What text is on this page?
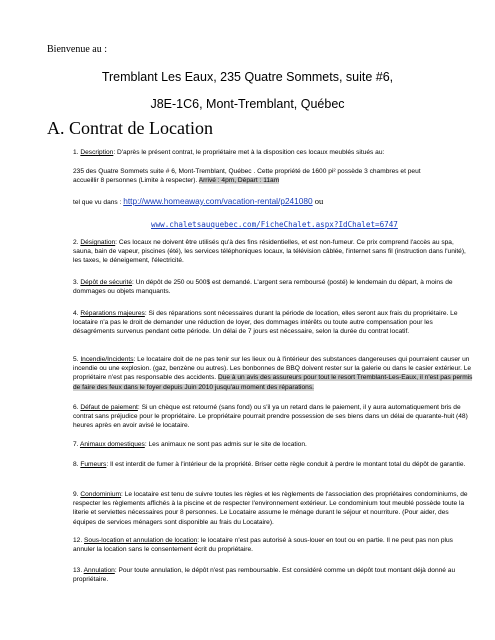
Bienvenue au :
Tremblant Les Eaux, 235 Quatre Sommets, suite #6,
J8E-1C6, Mont-Tremblant, Québec
A. Contrat de Location
1. Description: D'après le présent contrat, le propriétaire met à la disposition ces locaux meublés situés au:
235 des Quatre Sommets suite # 6, Mont-Tremblant, Québec . Cette propriété de 1600 pi² possède 3 chambres et peut
accueillir 8 personnes (Limite à respecter). Arrivé : 4pm, Départ : 11am
tel que vu dans : http://www.homeaway.com/vacation-rental/p241080 ou
www.chaletsauquebec.com/FicheChalet.aspx?IdChalet=6747
2. Désignation: Ces locaux ne doivent être utilisés qu'à des fins résidentielles, et est non-fumeur. Ce prix comprend l'accès au spa, sauna, bain de vapeur, piscines (été), les services téléphoniques locaux, la télévision câblée, l'internet sans fil (instruction dans l'unité), les taxes, le déneigement, l'électricité.
3. Dépôt de sécurité: Un dépôt de 250 ou 500$ est demandé. L'argent sera remboursé (posté) le lendemain du départ, à moins de dommages ou objets manquants.
4. Réparations majeures: Si des réparations sont nécessaires durant la période de location, elles seront aux frais du propriétaire. Le locataire n'a pas le droit de demander une réduction de loyer, des dommages intérêts ou toute autre compensation pour les désagréments survenus pendant cette période. Un délai de 7 jours est nécessaire, selon la durée du contrat locatif.
5. Incendie/Incidents: Le locataire doit de ne pas tenir sur les lieux ou à l'intérieur des substances dangereuses qui pourraient causer un incendie ou une explosion. (gaz, benzène ou autres). Les bonbonnes de BBQ doivent rester sur la galerie ou dans le casier extérieur. Le propriétaire n'est pas responsable des accidents. Due à un avis des assureurs pour tout le resort Tremblant-Les-Eaux, il n'est pas permis de faire des feux dans le foyer depuis Juin 2010 jusqu'au moment des réparations.
6. Défaut de paiement: Si un chèque est retourné (sans fond) ou s'il ya un retard dans le paiement, il y aura automatiquement bris de contrat sans préjudice pour le propriétaire. Le propriétaire pourrait prendre possession de ses biens dans un délai de quarante-huit (48) heures après en avoir avisé le locataire.
7. Animaux domestiques: Les animaux ne sont pas admis sur le site de location.
8. Fumeurs: Il est interdit de fumer à l'intérieur de la propriété. Briser cette règle conduit à perdre le montant total du dépôt de garantie.
9. Condominium: Le locataire est tenu de suivre toutes les règles et les règlements de l'association des propriétaires condominiums, de respecter les règlements affichés à la piscine et de respecter l'environnement extérieur. Le condominium tout meublé possède toute la literie et serviettes nécessaires pour 8 personnes. Le Locataire assume le ménage durant le séjour et nourriture. (Pour aider, des équipes de services ménagers sont disponible au frais du Locataire).
12. Sous-location et annulation de location: le locataire n'est pas autorisé à sous-louer en tout ou en partie. Il ne peut pas non plus annuler la location sans le consentement écrit du propriétaire.
13. Annulation: Pour toute annulation, le dépôt n'est pas remboursable. Est considéré comme un dépôt tout montant déjà donné au propriétaire.
